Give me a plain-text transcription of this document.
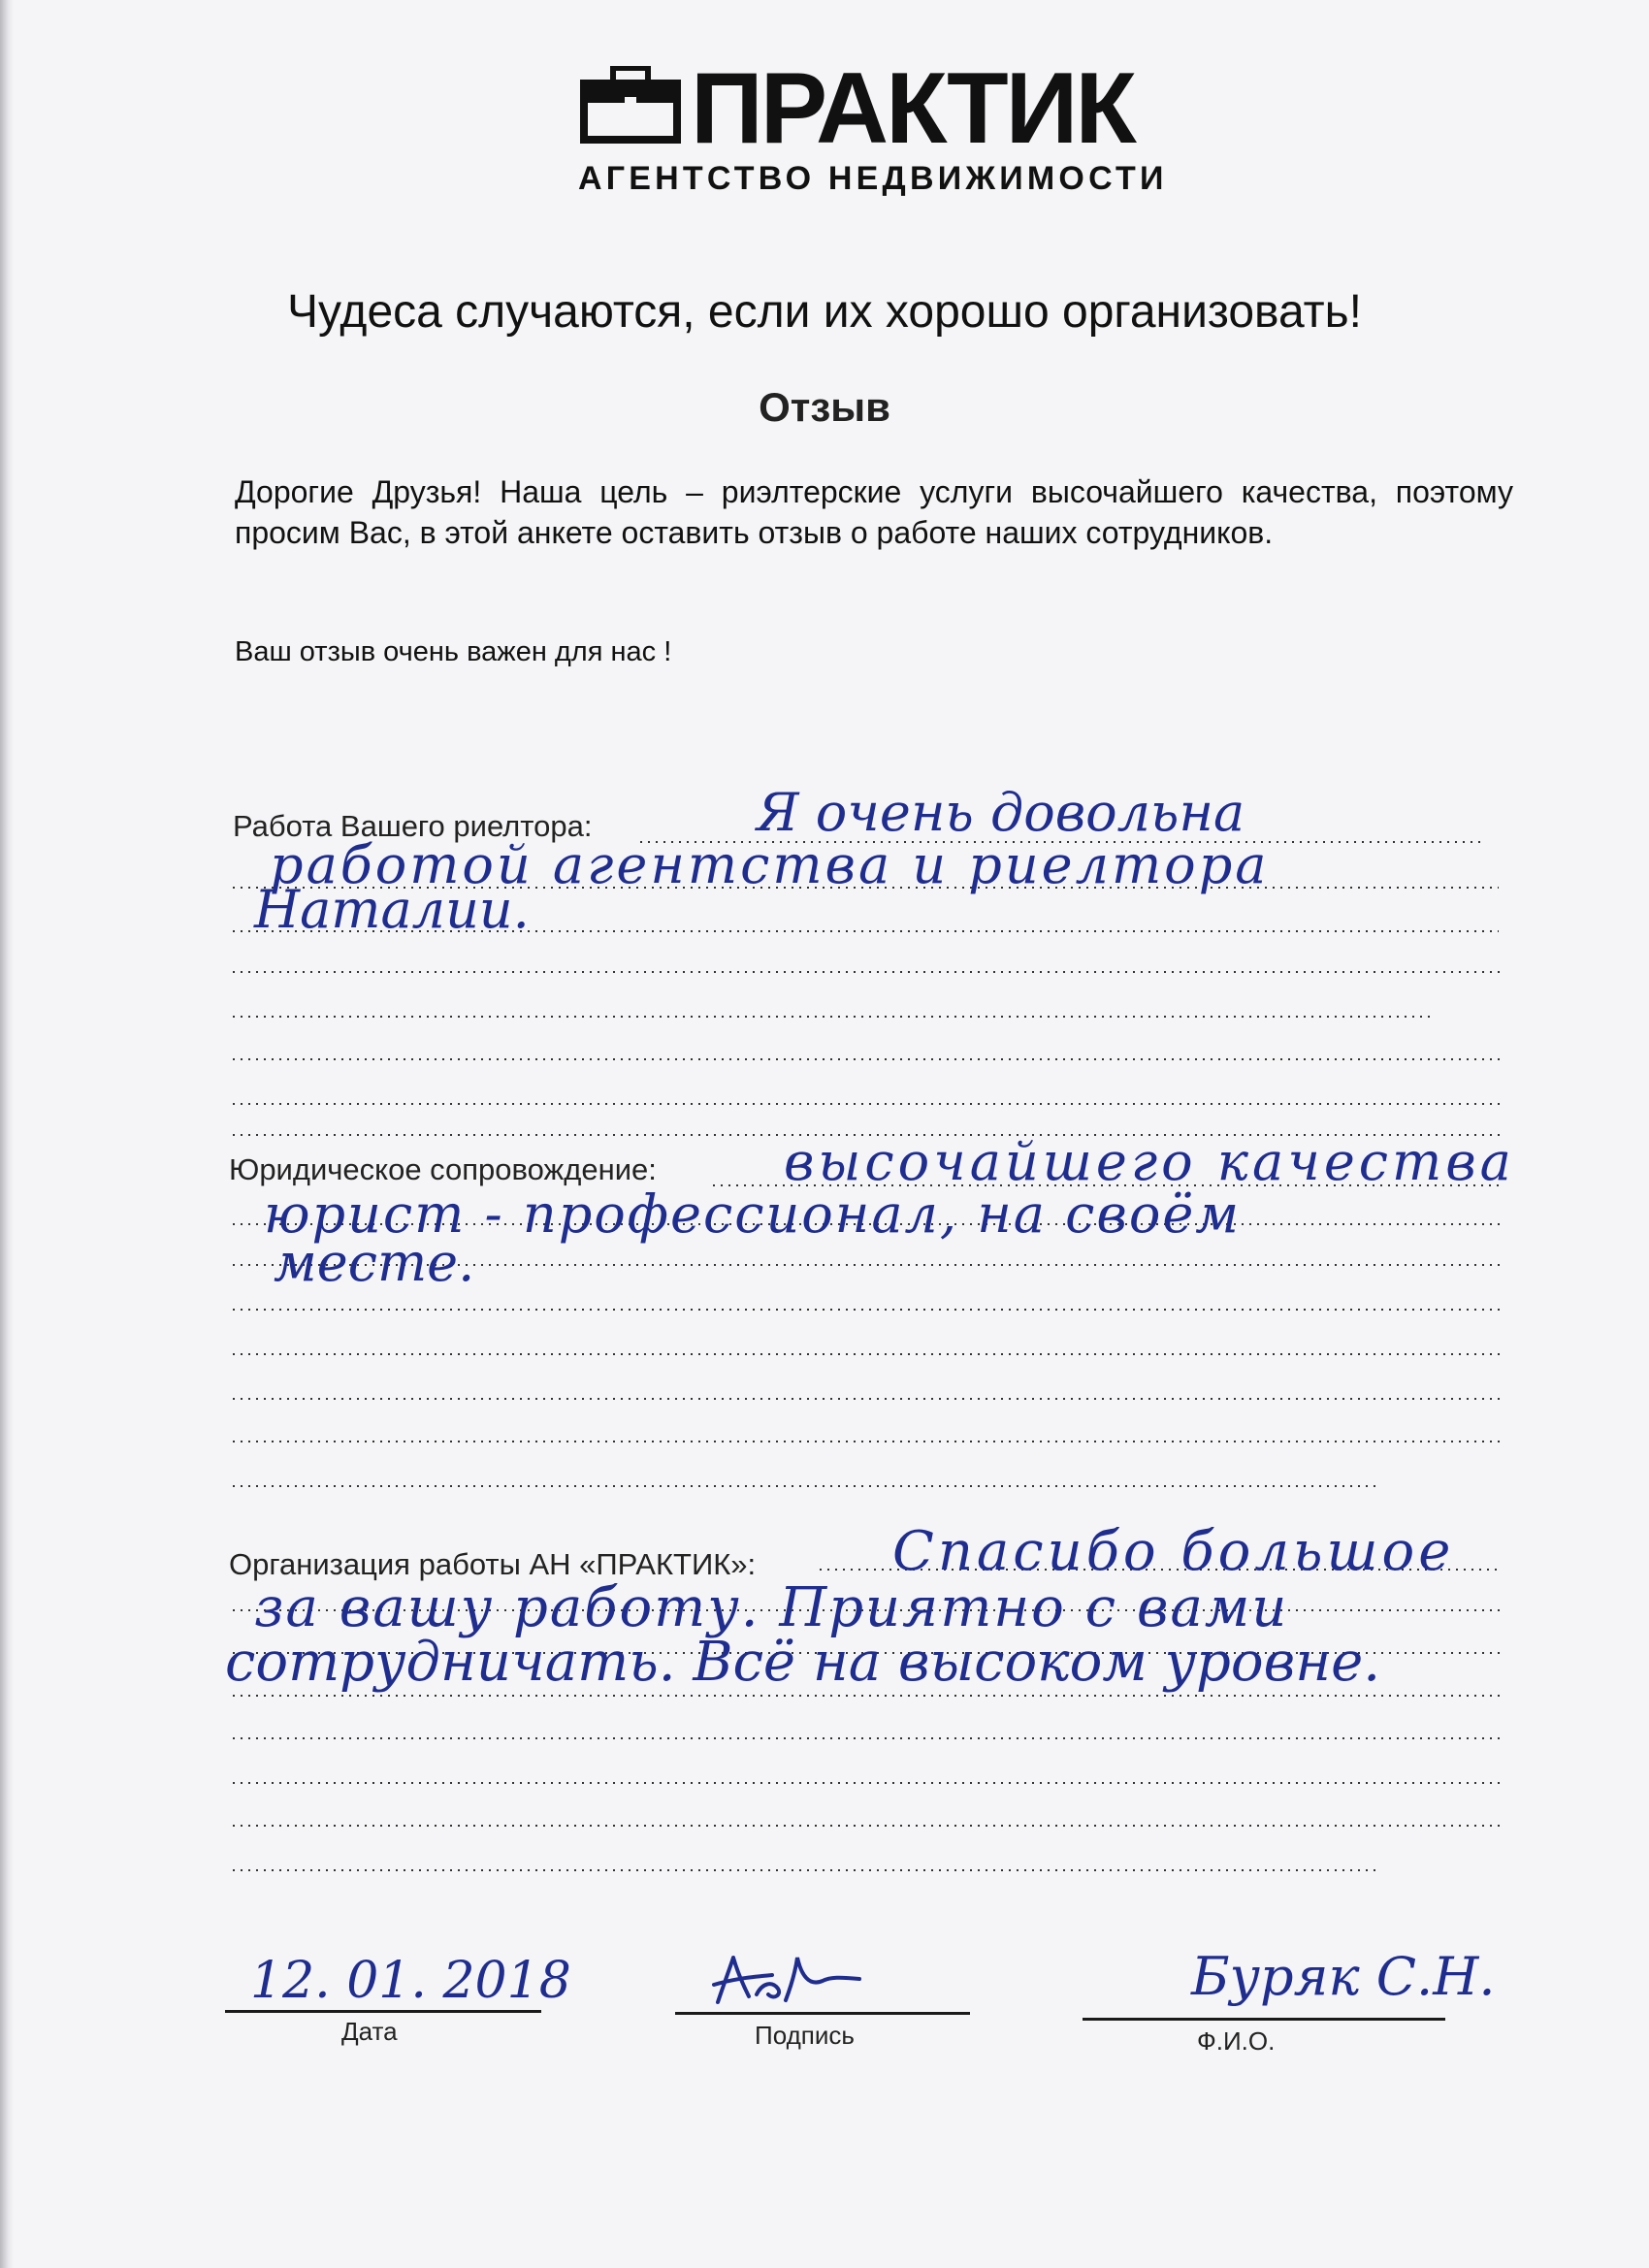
ПРАКТИК
АГЕНТСТВО НЕДВИЖИМОСТИ
Чудеса случаются, если их хорошо организовать!
Отзыв
Дорогие Друзья! Наша цель – риэлтерские услуги высочайшего качества, поэтому просим Вас, в этой анкете оставить отзыв о работе наших сотрудников.
Ваш отзыв очень важен для нас !
Работа Вашего риелтора:	Я очень довольна
работой агентства и риелтора
Наталии.
Юридическое сопровождение: высочайшего качества
юрист - профессионал, на своём
месте.
Организация работы АН «ПРАКТИК»:	Спасибо большое
за вашу работу. Приятно с вами
сотрудничать. Всё на высоком уровне.
12. 01. 2018
Дата	Подпись
Буряк С.Н.
Ф.И.О.
